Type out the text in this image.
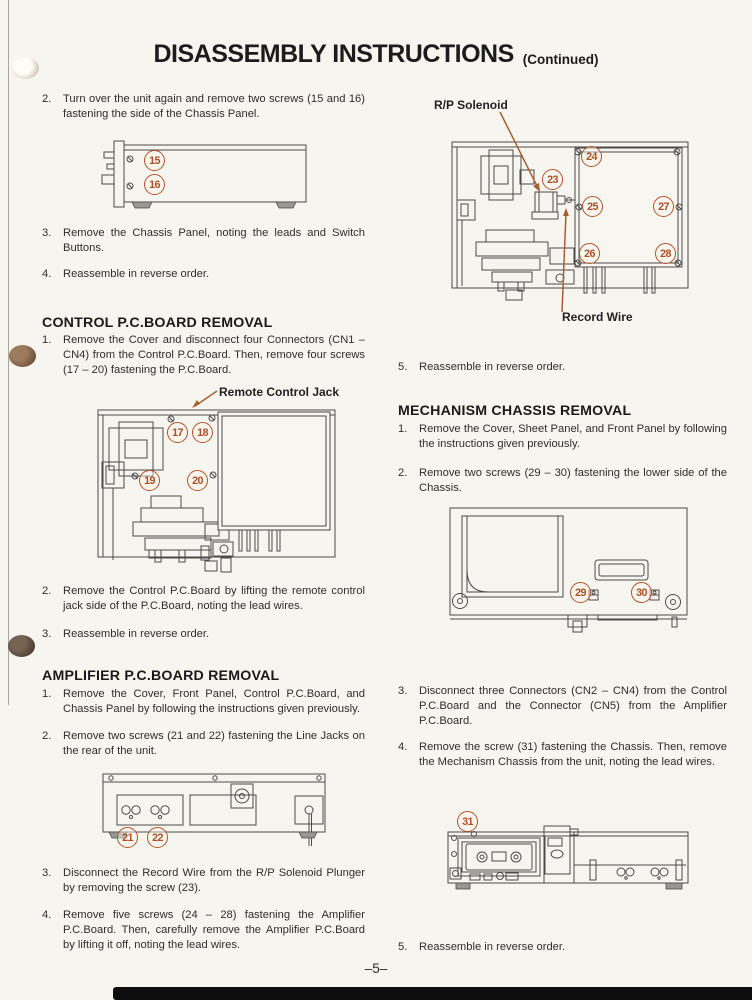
DISASSEMBLY INSTRUCTIONS (Continued)
2.	Turn over the unit again and remove two screws (15 and 16) fastening the side of the Chassis Panel.
3.	Remove the Chassis Panel, noting the leads and Switch Buttons.
4.	Reassemble in reverse order.
CONTROL P.C.BOARD REMOVAL
1.	Remove the Cover and disconnect four Connectors (CN1 – CN4) from the Control P.C.Board. Then, remove four screws (17 – 20) fastening the P.C.Board.
Remote Control Jack
2.	Remove the Control P.C.Board by lifting the remote control jack side of the P.C.Board, noting the lead wires.
3.	Reassemble in reverse order.
AMPLIFIER P.C.BOARD REMOVAL
1.	Remove the Cover, Front Panel, Control P.C.Board, and Chassis Panel by following the instructions given previously.
2.	Remove two screws (21 and 22) fastening the Line Jacks on the rear of the unit.
3.	Disconnect the Record Wire from the R/P Solenoid Plunger by removing the screw (23).
4.	Remove five screws (24 – 28) fastening the Amplifier P.C.Board. Then, carefully remove the Amplifier P.C.Board by lifting it off, noting the lead wires.
R/P Solenoid
Record Wire
5.	Reassemble in reverse order.
MECHANISM CHASSIS REMOVAL
1.	Remove the Cover, Sheet Panel, and Front Panel by following the instructions given previously.
2.	Remove two screws (29 – 30) fastening the lower side of the Chassis.
3.	Disconnect three Connectors (CN2 – CN4) from the Control P.C.Board and the Connector (CN5) from the Amplifier P.C.Board.
4.	Remove the screw (31) fastening the Chassis. Then, remove the Mechanism Chassis from the unit, noting the lead wires.
5.	Reassemble in reverse order.
15
16
17	18
19	20
21	22
23
24
25
26
27
28
29	30
31
–5–
